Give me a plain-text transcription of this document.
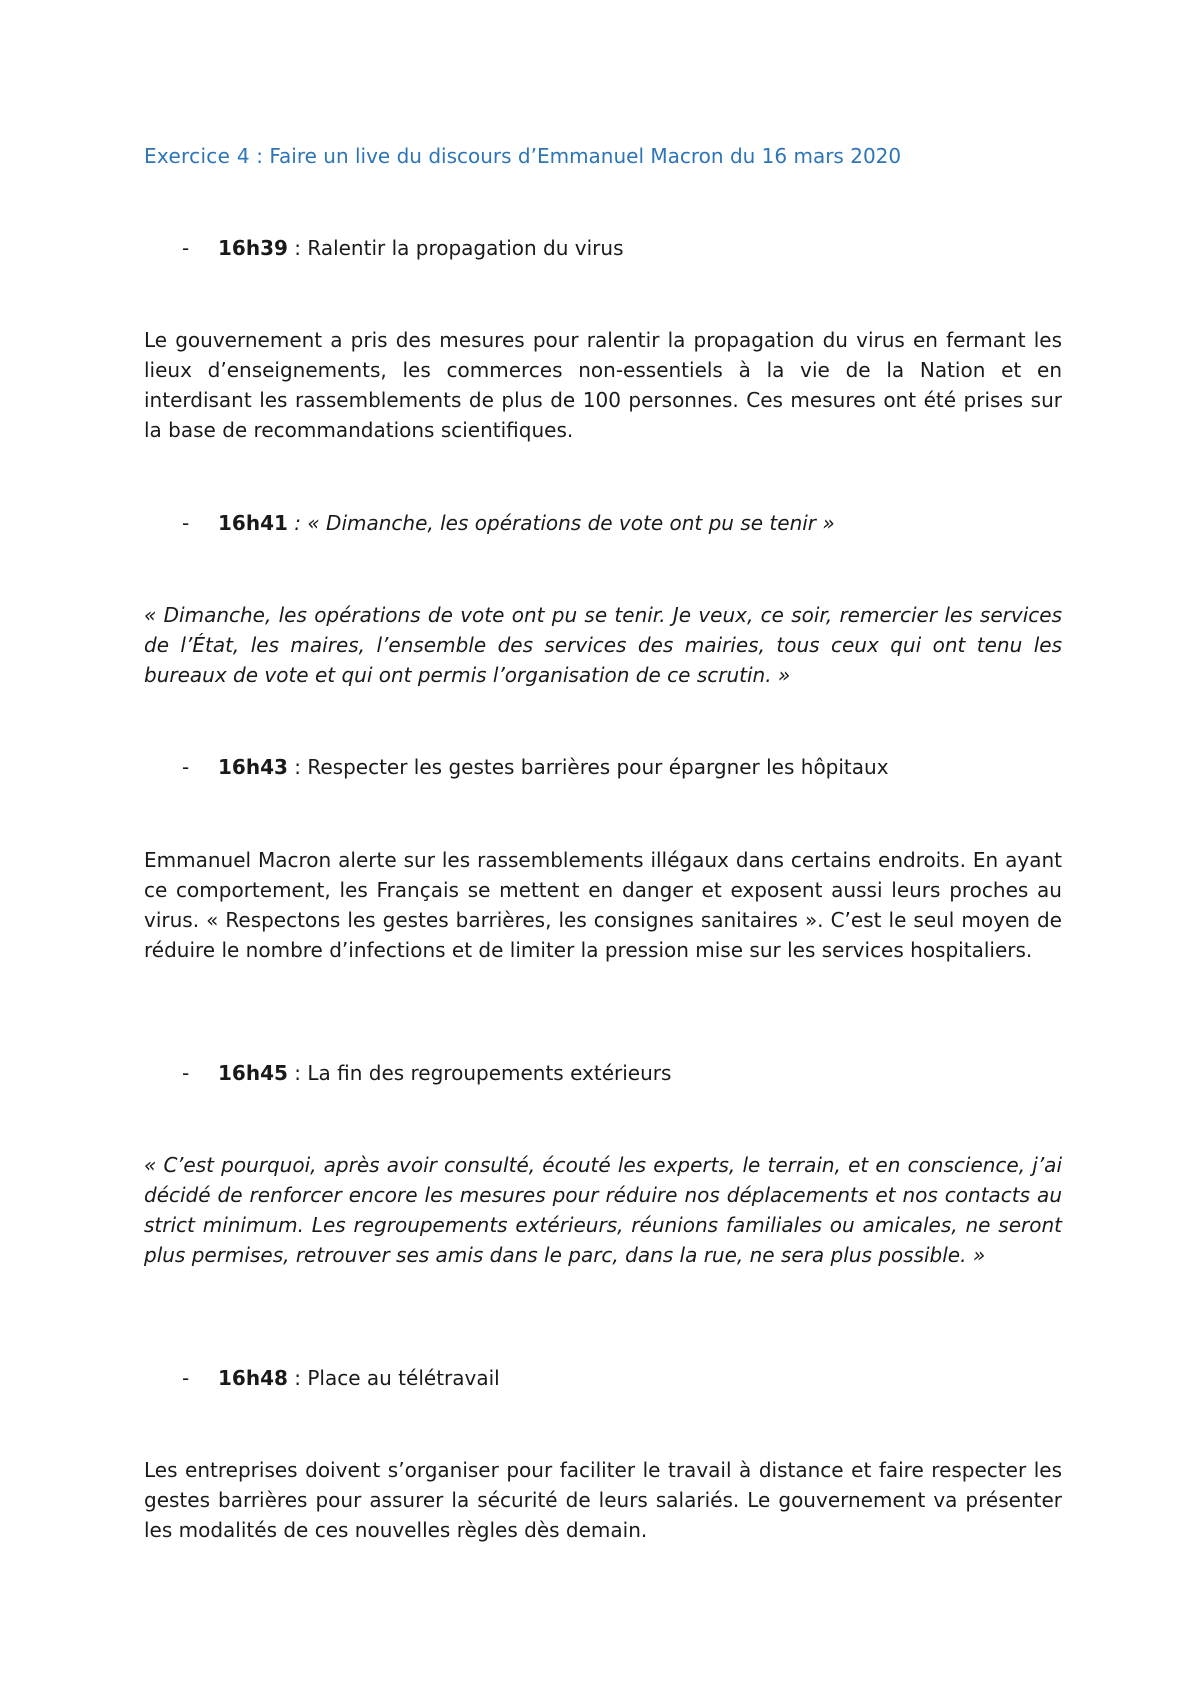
Exercice 4 : Faire un live du discours d’Emmanuel Macron du 16 mars 2020
- 16h39 : Ralentir la propagation du virus

Le gouvernement a pris des mesures pour ralentir la propagation du virus en fermant les lieux d’enseignements, les commerces non-essentiels à la vie de la Nation et en interdisant les rassemblements de plus de 100 personnes. Ces mesures ont été prises sur la base de recommandations scientifiques.

- 16h41 : « Dimanche, les opérations de vote ont pu se tenir »

« Dimanche, les opérations de vote ont pu se tenir. Je veux, ce soir, remercier les services de l’État, les maires, l’ensemble des services des mairies, tous ceux qui ont tenu les bureaux de vote et qui ont permis l’organisation de ce scrutin. »

- 16h43 : Respecter les gestes barrières pour épargner les hôpitaux

Emmanuel Macron alerte sur les rassemblements illégaux dans certains endroits. En ayant ce comportement, les Français se mettent en danger et exposent aussi leurs proches au virus. « Respectons les gestes barrières, les consignes sanitaires ». C’est le seul moyen de réduire le nombre d’infections et de limiter la pression mise sur les services hospitaliers.

- 16h45 : La fin des regroupements extérieurs

« C’est pourquoi, après avoir consulté, écouté les experts, le terrain, et en conscience, j’ai décidé de renforcer encore les mesures pour réduire nos déplacements et nos contacts au strict minimum. Les regroupements extérieurs, réunions familiales ou amicales, ne seront plus permises, retrouver ses amis dans le parc, dans la rue, ne sera plus possible. »

- 16h48 : Place au télétravail

Les entreprises doivent s’organiser pour faciliter le travail à distance et faire respecter les gestes barrières pour assurer la sécurité de leurs salariés. Le gouvernement va présenter les modalités de ces nouvelles règles dès demain.
